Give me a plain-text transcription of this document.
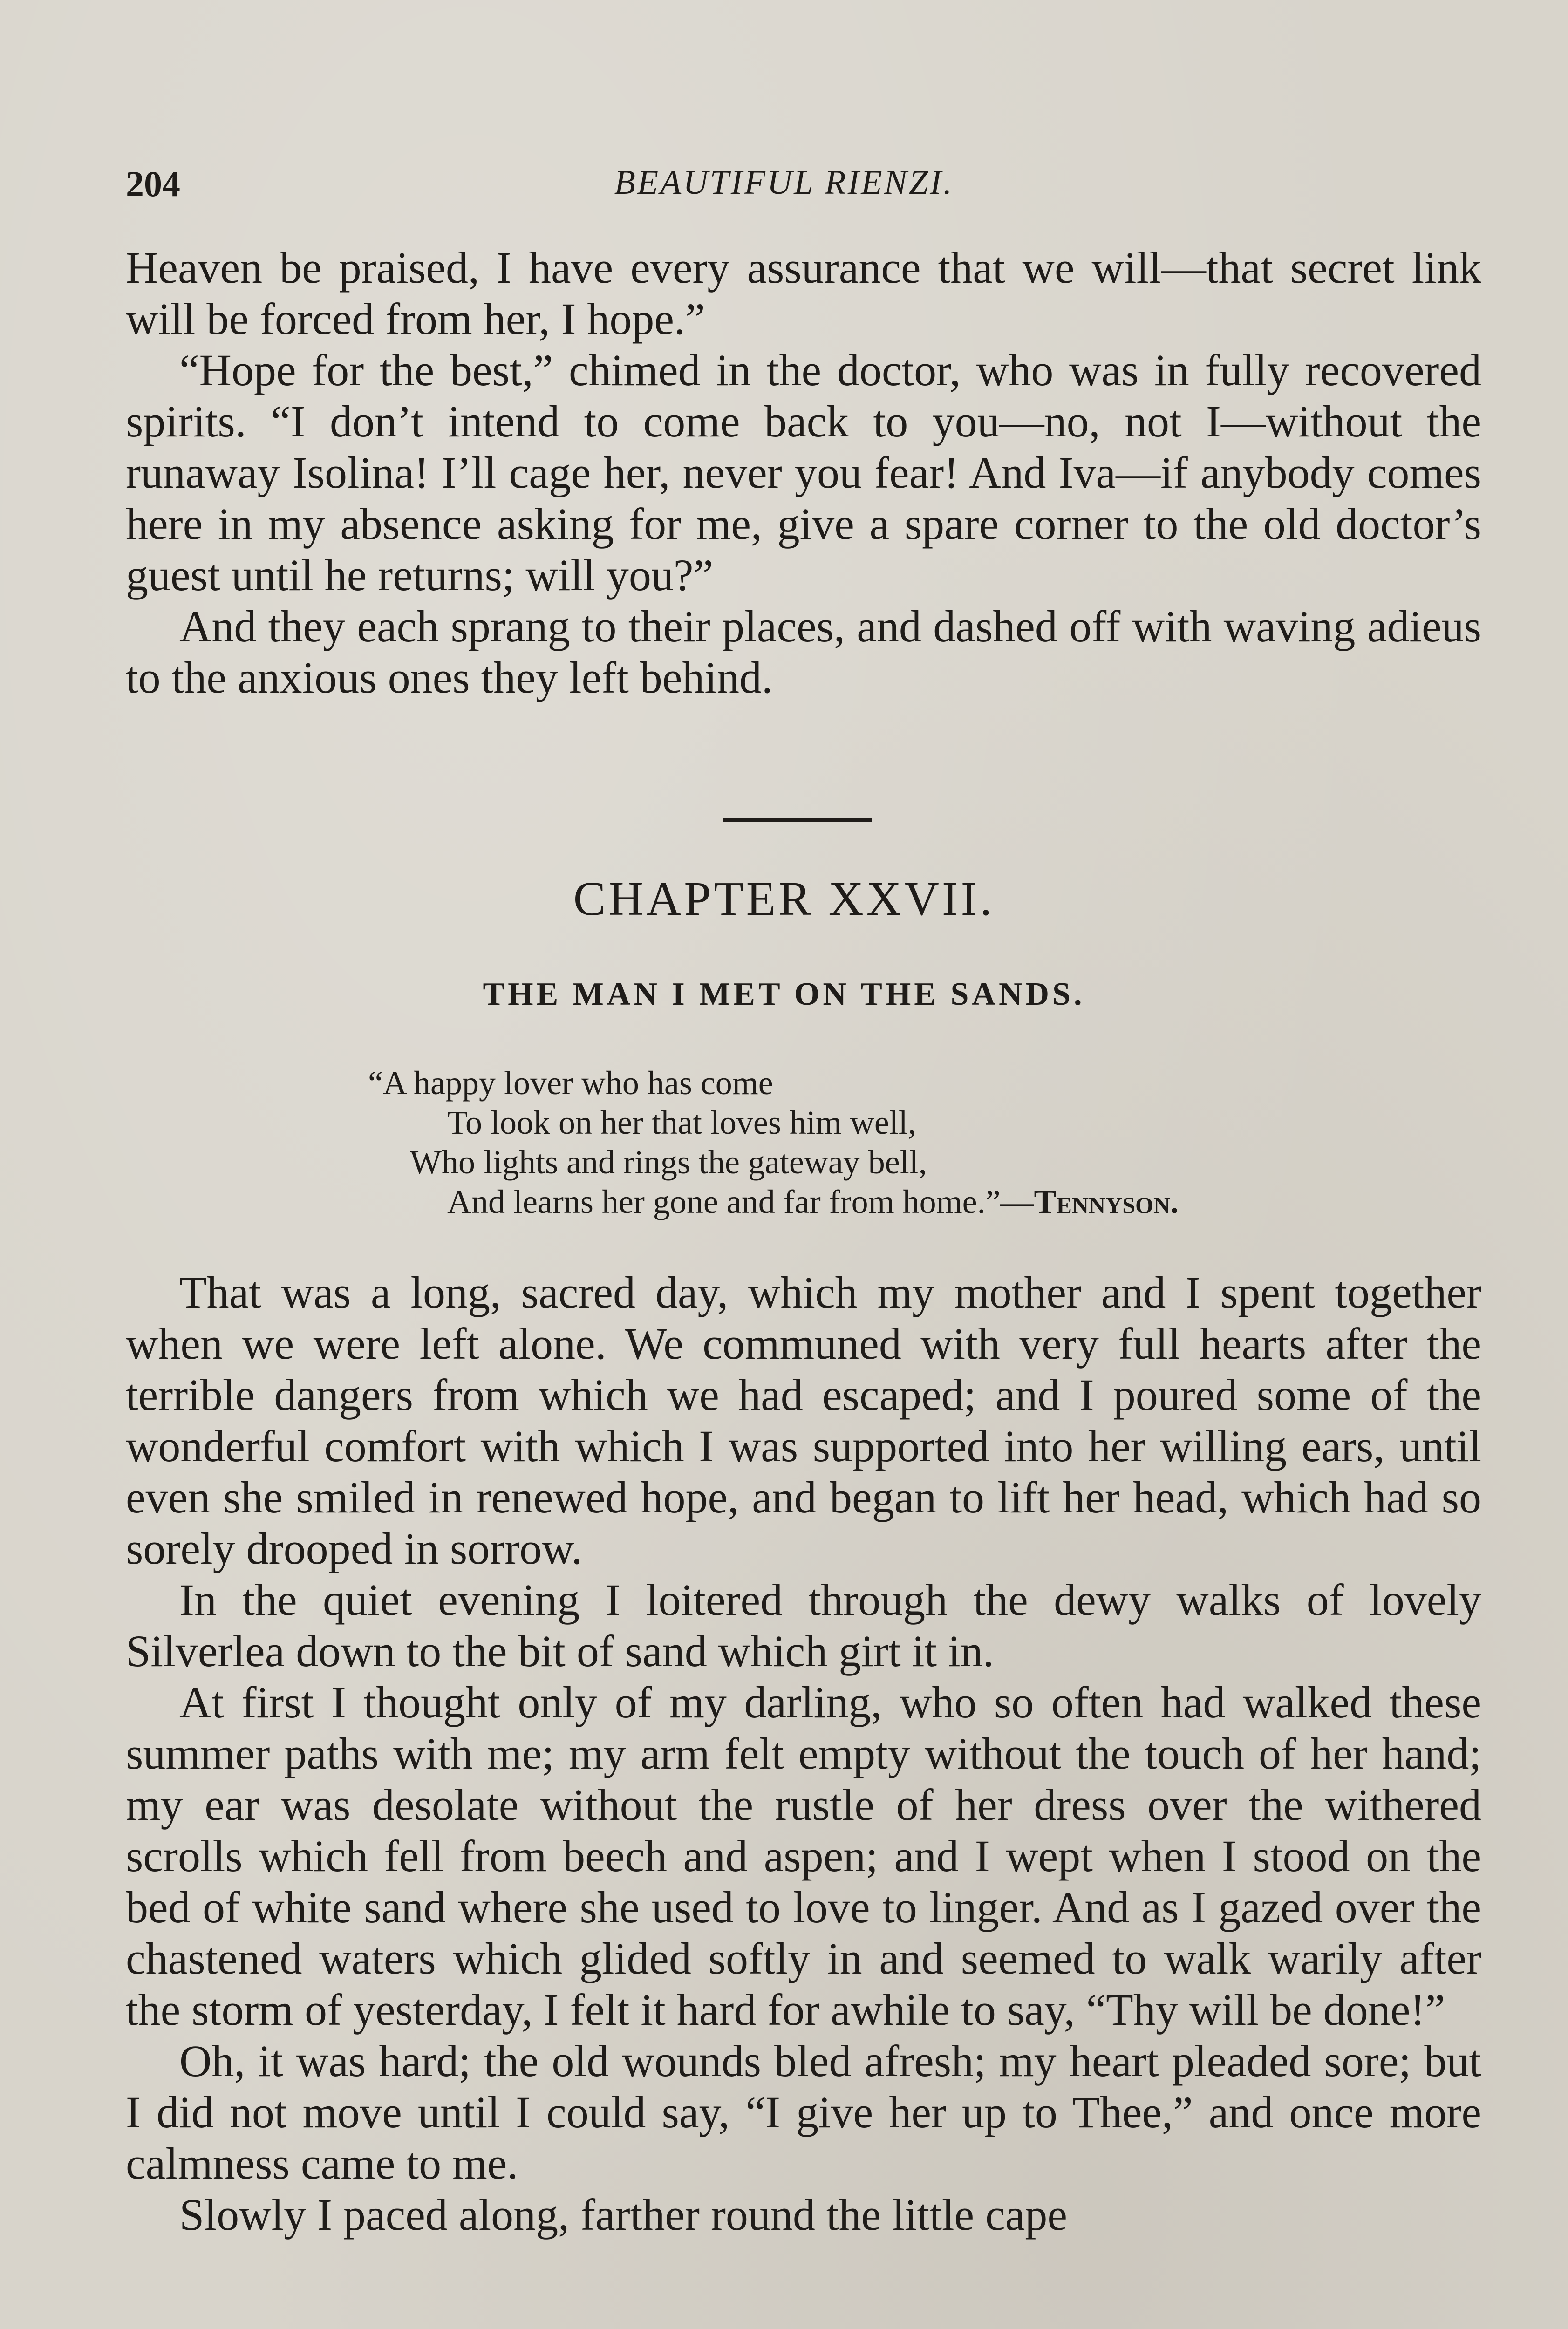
204	BEAUTIFUL RIENZI.

Heaven be praised, I have every assurance that we will—that secret link will be forced from her, I hope.”

“Hope for the best,” chimed in the doctor, who was in fully recovered spirits. “I don’t intend to come back to you—no, not I—without the runaway Isolina! I’ll cage her, never you fear! And Iva—if anybody comes here in my absence asking for me, give a spare corner to the old doctor’s guest until he returns; will you?”

And they each sprang to their places, and dashed off with waving adieus to the anxious ones they left behind.

CHAPTER XXVII.
THE MAN I MET ON THE SANDS.
“A happy lover who has come
To look on her that loves him well,
Who lights and rings the gateway bell,
And learns her gone and far from home.”—Tennyson.

That was a long, sacred day, which my mother and I spent together when we were left alone. We communed with very full hearts after the terrible dangers from which we had escaped; and I poured some of the wonderful comfort with which I was supported into her willing ears, until even she smiled in renewed hope, and began to lift her head, which had so sorely drooped in sorrow.

In the quiet evening I loitered through the dewy walks of lovely Silverlea down to the bit of sand which girt it in.

At first I thought only of my darling, who so often had walked these summer paths with me; my arm felt empty without the touch of her hand; my ear was desolate without the rustle of her dress over the withered scrolls which fell from beech and aspen; and I wept when I stood on the bed of white sand where she used to love to linger. And as I gazed over the chastened waters which glided softly in and seemed to walk warily after the storm of yesterday, I felt it hard for awhile to say, “Thy will be done!”

Oh, it was hard; the old wounds bled afresh; my heart pleaded sore; but I did not move until I could say, “I give her up to Thee,” and once more calmness came to me.

Slowly I paced along, farther round the little cape
